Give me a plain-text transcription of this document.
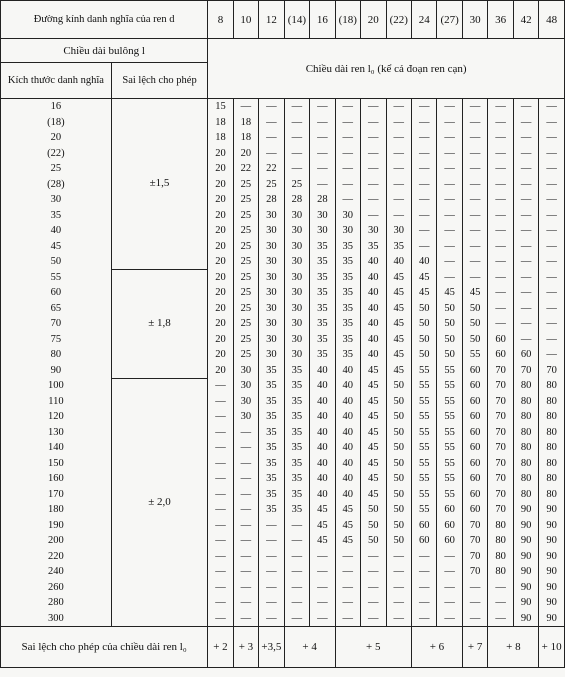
Đường kính danh nghĩa của ren d		8	10	12	(14)	16	(18)	20	(22)	24	(27)	30	36	42	48
Chiều dài bulông l		Chiều dài ren l₀ (kể cả đoạn ren cạn)													
Kích thước danh nghĩa	Sai lệch cho phép														
16	±1,5	15	—	—	—	—	—	—	—	—	—	—	—	—	—
(18)		18	18	—	—	—	—	—	—	—	—	—	—	—	—
20		18	18	—	—	—	—	—	—	—	—	—	—	—	—
(22)		20	20	—	—	—	—	—	—	—	—	—	—	—	—
25		20	22	22	—	—	—	—	—	—	—	—	—	—	—
(28)		20	25	25	25	—	—	—	—	—	—	—	—	—	—
30		20	25	28	28	28	—	—	—	—	—	—	—	—	—
35		20	25	30	30	30	30	—	—	—	—	—	—	—	—
40		20	25	30	30	30	30	30	30	—	—	—	—	—	—
45		20	25	30	30	35	35	35	35	—	—	—	—	—	—
50		20	25	30	30	35	35	40	40	40	—	—	—	—	—
55	± 1,8	20	25	30	30	35	35	40	45	45	—	—	—	—	—
60		20	25	30	30	35	35	40	45	45	45	45	—	—	—
65		20	25	30	30	35	35	40	45	50	50	50	—	—	—
70		20	25	30	30	35	35	40	45	50	50	50	—	—	—
75		20	25	30	30	35	35	40	45	50	50	50	60	—	—
80		20	25	30	30	35	35	40	45	50	50	55	60	60	—
90		20	30	35	35	40	40	45	45	55	55	60	70	70	70
100	± 2,0	—	30	35	35	40	40	45	50	55	55	60	70	80	80
110		—	30	35	35	40	40	45	50	55	55	60	70	80	80
120		—	30	35	35	40	40	45	50	55	55	60	70	80	80
130		—	—	35	35	40	40	45	50	55	55	60	70	80	80
140		—	—	35	35	40	40	45	50	55	55	60	70	80	80
150		—	—	35	35	40	40	45	50	55	55	60	70	80	80
160		—	—	35	35	40	40	45	50	55	55	60	70	80	80
170		—	—	35	35	40	40	45	50	55	55	60	70	80	80
180		—	—	35	35	45	45	50	50	55	60	60	70	90	90
190		—	—	—	—	45	45	50	50	60	60	70	80	90	90
200		—	—	—	—	45	45	50	50	60	60	70	80	90	90
220		—	—	—	—	—	—	—	—	—	—	70	80	90	90
240		—	—	—	—	—	—	—	—	—	—	70	80	90	90
260		—	—	—	—	—	—	—	—	—	—	—	—	90	90
280		—	—	—	—	—	—	—	—	—	—	—	—	90	90
300		—	—	—	—	—	—	—	—	—	—	—	—	90	90
Sai lệch cho phép của chiều dài ren l₀		+ 2	+ 3	+3,5	+ 4		+ 5			+ 6		+ 7	+ 8		+ 10
